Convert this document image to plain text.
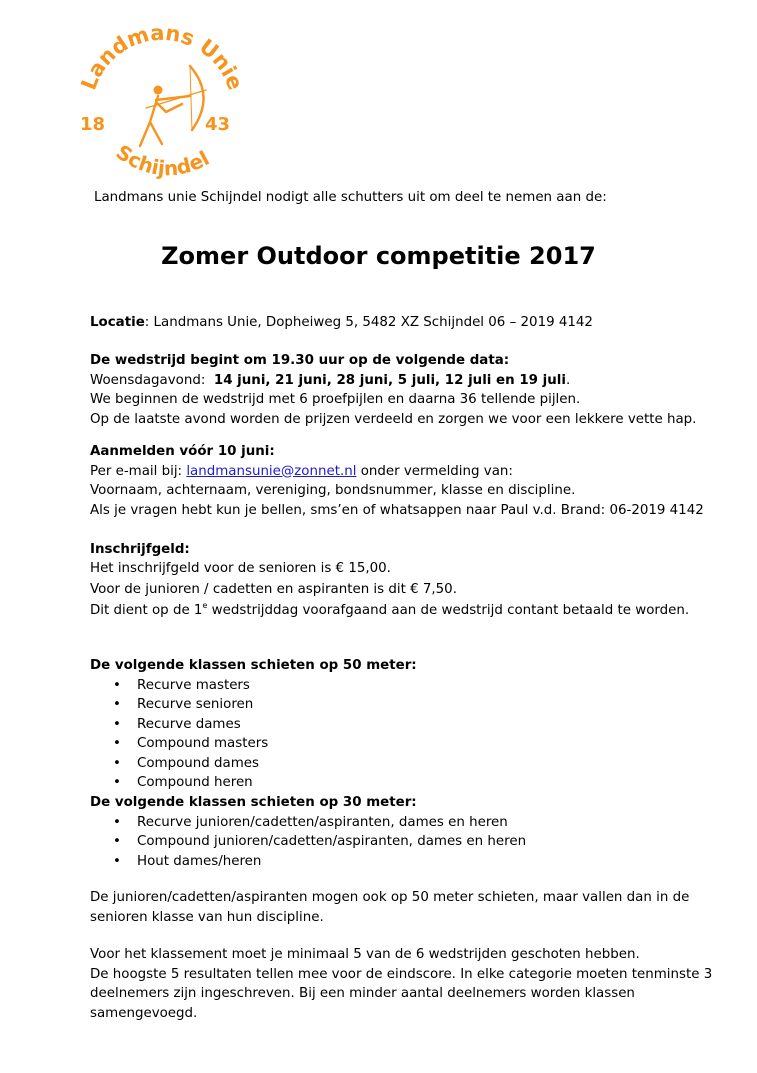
Landmans Unie
Schijndel
18	43
Landmans unie Schijndel nodigt alle schutters uit om deel te nemen aan de:
Zomer Outdoor competitie 2017
Locatie: Landmans Unie, Dopheiweg 5, 5482 XZ Schijndel 06 – 2019 4142
De wedstrijd begint om 19.30 uur op de volgende data:
Woensdagavond:  14 juni, 21 juni, 28 juni, 5 juli, 12 juli en 19 juli.
We beginnen de wedstrijd met 6 proefpijlen en daarna 36 tellende pijlen.
Op de laatste avond worden de prijzen verdeeld en zorgen we voor een lekkere vette hap.
Aanmelden vóór 10 juni:
Per e-mail bij: landmansunie@zonnet.nl onder vermelding van:
Voornaam, achternaam, vereniging, bondsnummer, klasse en discipline.
Als je vragen hebt kun je bellen, sms’en of whatsappen naar Paul v.d. Brand: 06-2019 4142
Inschrijfgeld:
Het inschrijfgeld voor de senioren is € 15,00.
Voor de junioren / cadetten en aspiranten is dit € 7,50.
Dit dient op de 1e wedstrijddag voorafgaand aan de wedstrijd contant betaald te worden.
De volgende klassen schieten op 50 meter:
• Recurve masters
• Recurve senioren
• Recurve dames
• Compound masters
• Compound dames
• Compound heren
De volgende klassen schieten op 30 meter:
• Recurve junioren/cadetten/aspiranten, dames en heren
• Compound junioren/cadetten/aspiranten, dames en heren
• Hout dames/heren
De junioren/cadetten/aspiranten mogen ook op 50 meter schieten, maar vallen dan in de
senioren klasse van hun discipline.
Voor het klassement moet je minimaal 5 van de 6 wedstrijden geschoten hebben.
De hoogste 5 resultaten tellen mee voor de eindscore. In elke categorie moeten tenminste 3
deelnemers zijn ingeschreven. Bij een minder aantal deelnemers worden klassen
samengevoegd.
